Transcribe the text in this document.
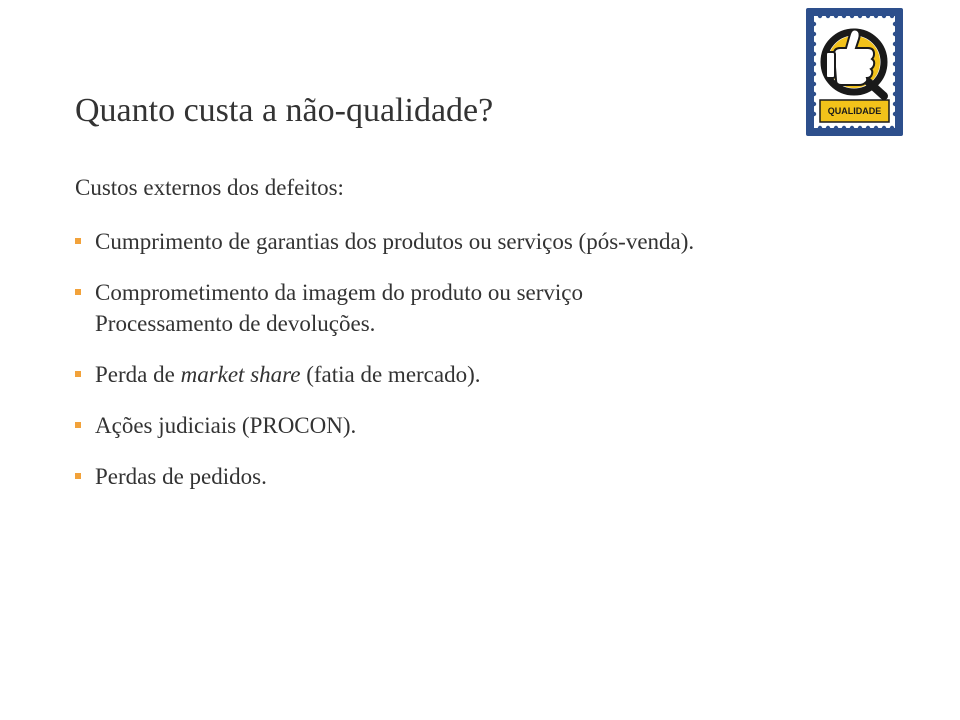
Quanto custa a não-qualidade?

Custos externos dos defeitos:

Cumprimento de garantias dos produtos ou serviços (pós-venda).
Comprometimento da imagem do produto ou serviço
Processamento de devoluções.
Perda de market share (fatia de mercado).
Ações judiciais (PROCON).
Perdas de pedidos.
QUALIDADE
